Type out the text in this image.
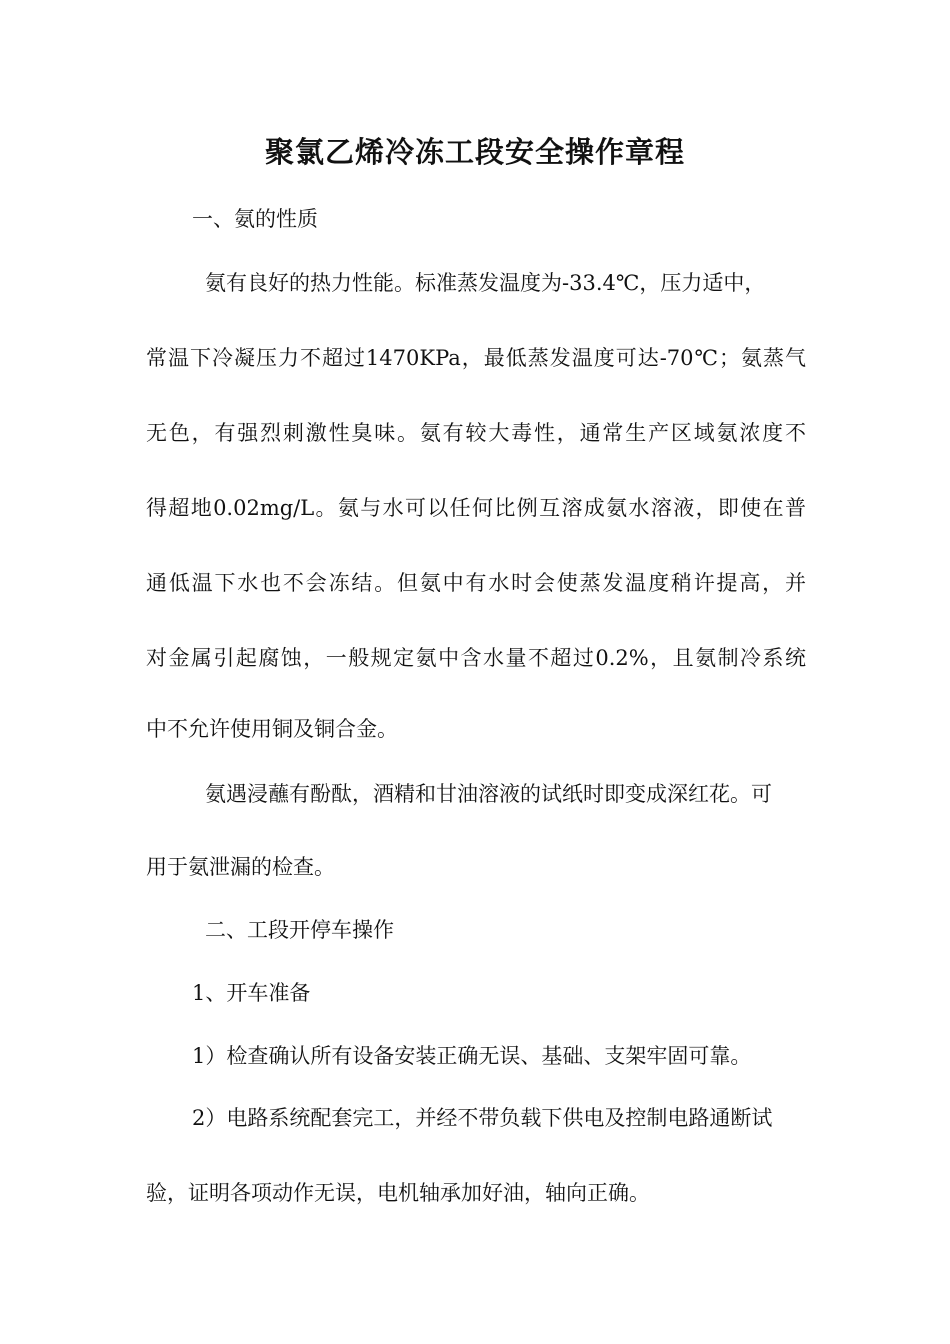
聚氯乙烯冷冻工段安全操作章程
一、氨的性质
氨有良好的热力性能。标准蒸发温度为-33.4℃，压力适中，
常温下冷凝压力不超过1470KPa，最低蒸发温度可达-70℃；氨蒸气
无色，有强烈刺激性臭味。氨有较大毒性，通常生产区域氨浓度不
得超地0.02mg/L。氨与水可以任何比例互溶成氨水溶液，即使在普
通低温下水也不会冻结。但氨中有水时会使蒸发温度稍许提高，并
对金属引起腐蚀，一般规定氨中含水量不超过0.2%，且氨制冷系统
中不允许使用铜及铜合金。
氨遇浸蘸有酚酞，酒精和甘油溶液的试纸时即变成深红花。可
用于氨泄漏的检查。
二、工段开停车操作
1、开车准备
1）检查确认所有设备安装正确无误、基础、支架牢固可靠。
2）电路系统配套完工，并经不带负载下供电及控制电路通断试
验，证明各项动作无误，电机轴承加好油，轴向正确。
